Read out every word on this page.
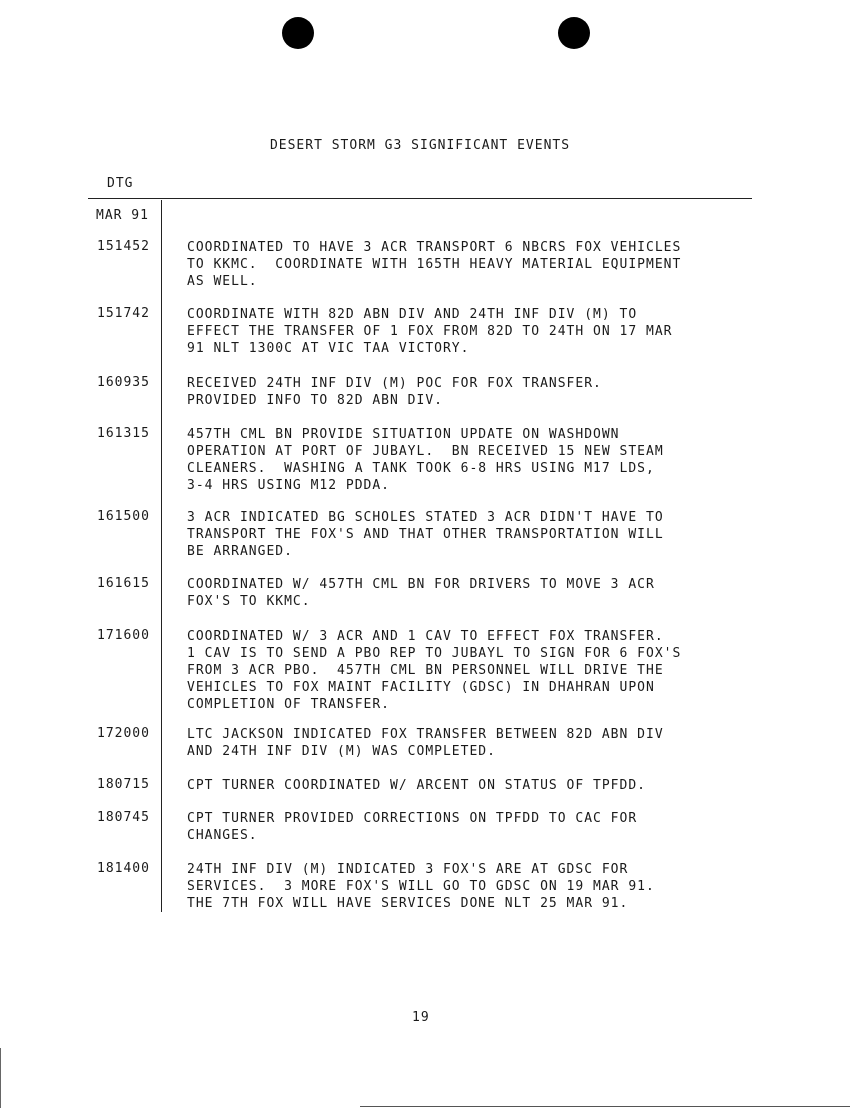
DESERT STORM G3 SIGNIFICANT EVENTS
DTG
MAR 91
151452	COORDINATED TO HAVE 3 ACR TRANSPORT 6 NBCRS FOX VEHICLES
TO KKMC.  COORDINATE WITH 165TH HEAVY MATERIAL EQUIPMENT
AS WELL.
151742	COORDINATE WITH 82D ABN DIV AND 24TH INF DIV (M) TO
EFFECT THE TRANSFER OF 1 FOX FROM 82D TO 24TH ON 17 MAR
91 NLT 1300C AT VIC TAA VICTORY.
160935	RECEIVED 24TH INF DIV (M) POC FOR FOX TRANSFER.
PROVIDED INFO TO 82D ABN DIV.
161315	457TH CML BN PROVIDE SITUATION UPDATE ON WASHDOWN
OPERATION AT PORT OF JUBAYL.  BN RECEIVED 15 NEW STEAM
CLEANERS.  WASHING A TANK TOOK 6-8 HRS USING M17 LDS,
3-4 HRS USING M12 PDDA.
161500	3 ACR INDICATED BG SCHOLES STATED 3 ACR DIDN'T HAVE TO
TRANSPORT THE FOX'S AND THAT OTHER TRANSPORTATION WILL
BE ARRANGED.
161615	COORDINATED W/ 457TH CML BN FOR DRIVERS TO MOVE 3 ACR
FOX'S TO KKMC.
171600	COORDINATED W/ 3 ACR AND 1 CAV TO EFFECT FOX TRANSFER.
1 CAV IS TO SEND A PBO REP TO JUBAYL TO SIGN FOR 6 FOX'S
FROM 3 ACR PBO.  457TH CML BN PERSONNEL WILL DRIVE THE
VEHICLES TO FOX MAINT FACILITY (GDSC) IN DHAHRAN UPON
COMPLETION OF TRANSFER.
172000	LTC JACKSON INDICATED FOX TRANSFER BETWEEN 82D ABN DIV
AND 24TH INF DIV (M) WAS COMPLETED.
180715	CPT TURNER COORDINATED W/ ARCENT ON STATUS OF TPFDD.
180745	CPT TURNER PROVIDED CORRECTIONS ON TPFDD TO CAC FOR
CHANGES.
181400	24TH INF DIV (M) INDICATED 3 FOX'S ARE AT GDSC FOR
SERVICES.  3 MORE FOX'S WILL GO TO GDSC ON 19 MAR 91.
THE 7TH FOX WILL HAVE SERVICES DONE NLT 25 MAR 91.
19
